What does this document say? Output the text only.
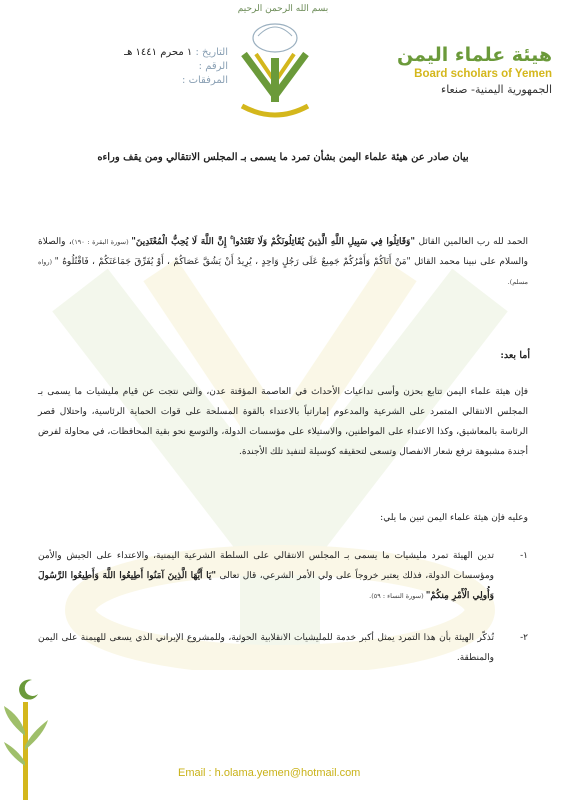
بسم الله الرحمن الرحيم
هيئة علماء اليمن
Board scholars of Yemen
الجمهورية اليمنية- صنعاء
التاريخ : ١ محرم ١٤٤١ هـ
الرقم :
المرفقات :
بيان صادر عن هيئة علماء اليمن بشأن تمرد ما يسمى بـ المجلس الانتقالي ومن يقف وراءه
الحمد لله رب العالمين القائل "وَقَاتِلُوا فِي سَبِيلِ اللَّهِ الَّذِينَ يُقَاتِلُونَكُمْ وَلَا تَعْتَدُوا ۚ إِنَّ اللَّهَ لَا يُحِبُّ الْمُعْتَدِينَ" (سورة البقرة : ١٩٠)، والصلاة والسلام على نبينا محمد القائل "مَنْ أَتَاكُمْ وَأَمْرُكُمْ جَمِيعٌ عَلَى رَجُلٍ وَاحِدٍ ، يُرِيدُ أَنْ يَشُقَّ عَصَاكُمْ ، أَوْ يُفَرِّقَ جَمَاعَتَكُمْ ، فَاقْتُلُوهُ " (رواه مسلم).
أما بعد:
فإن هيئة علماء اليمن تتابع بحزن وأسى تداعيات الأحداث في العاصمة المؤقتة عدن، والتي نتجت عن قيام مليشيات ما يسمى بـ المجلس الانتقالي المتمرد على الشرعية والمدعوم إماراتياً بالاعتداء بالقوة المسلحة على قوات الحماية الرئاسية، واحتلال قصر الرئاسة بالمعاشيق، وكذا الاعتداء على المواطنين، والاستيلاء على مؤسسات الدولة، والتوسع نحو بقية المحافظات، في محاولة لفرض أجندة مشبوهة ترفع شعار الانفصال وتسعى لتحقيقه كوسيلة لتنفيذ تلك الأجندة.
وعليه فإن هيئة علماء اليمن تبين ما يلي:
١-
تدين الهيئة تمرد مليشيات ما يسمى بـ المجلس الانتقالي على السلطة الشرعية اليمنية، والاعتداء على الجيش والأمن ومؤسسات الدولة، فذلك يعتبر خروجاً على ولي الأمر الشرعي، قال تعالى "يَا أَيُّهَا الَّذِينَ آمَنُوا أَطِيعُوا اللَّهَ وَأَطِيعُوا الرَّسُولَ وَأُولِي الْأَمْرِ مِنكُمْ" (سورة النساء : ٥٩).
٢-
تُذكّر الهيئة بأن هذا التمرد يمثل أكبر خدمة للمليشيات الانقلابية الحوثية، وللمشروع الإيراني الذي يسعى للهيمنة على اليمن والمنطقة.
Email : h.olama.yemen@hotmail.com
